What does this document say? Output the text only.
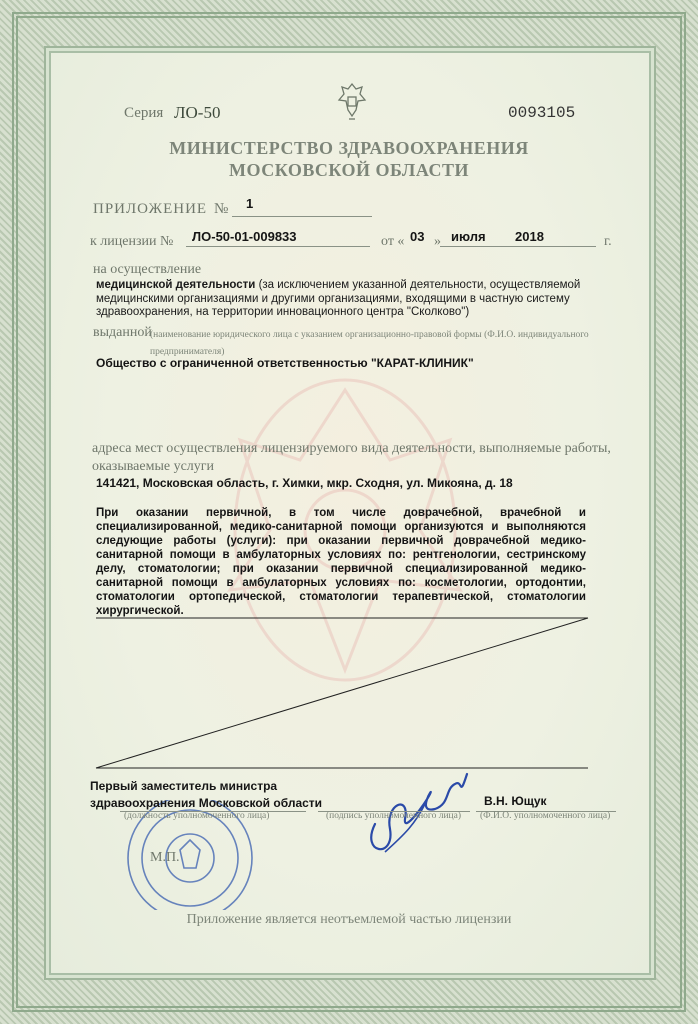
Серия ЛО-50	0093105
МИНИСТЕРСТВО ЗДРАВООХРАНЕНИЯ
МОСКОВСКОЙ ОБЛАСТИ
ПРИЛОЖЕНИЕ № 1
к лицензии № ЛО-50-01-009833	от « 03 » июля 2018	г.
на осуществление
медицинской деятельности (за исключением указанной деятельности, осуществляемой медицинскими организациями и другими организациями, входящими в частную систему здравоохранения, на территории инновационного центра "Сколково")
выданной
(наименование юридического лица с указанием организационно-правовой формы (Ф.И.О. индивидуального предпринимателя)
Общество с ограниченной ответственностью "КАРАТ-КЛИНИК"
адреса мест осуществления лицензируемого вида деятельности, выполняемые работы, оказываемые услуги
141421, Московская область, г. Химки, мкр. Сходня, ул. Микояна, д. 18
При оказании первичной, в том числе доврачебной, врачебной и специализированной, медико-санитарной помощи организуются и выполняются следующие работы (услуги): при оказании первичной доврачебной медико-санитарной помощи в амбулаторных условиях по: рентгенологии, сестринскому делу, стоматологии; при оказании первичной специализированной медико-санитарной помощи в амбулаторных условиях по: косметологии, ортодонтии, стоматологии ортопедической, стоматологии терапевтической, стоматологии хирургической.
Первый заместитель министра
здравоохранения Московской области	В.Н. Ющук
(должность уполномоченного лица)	(подпись уполномоченного лица) (Ф.И.О. уполномоченного лица)
М.П.
Приложение является неотъемлемой частью лицензии
